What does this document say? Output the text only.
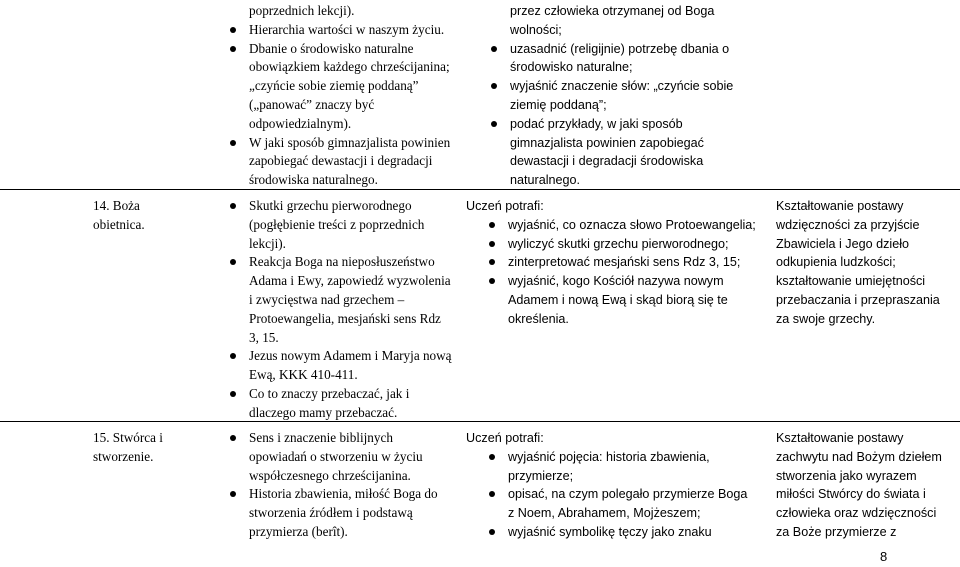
poprzednich lekcji).
Hierarchia wartości w naszym życiu.
Dbanie o środowisko naturalne obowiązkiem każdego chrześcijanina; „czyńcie sobie ziemię poddaną” („panować” znaczy być odpowiedzialnym).
W jaki sposób gimnazjalista powinien zapobiegać dewastacji i degradacji środowiska naturalnego.
przez człowieka otrzymanej od Boga wolności;
uzasadnić (religijnie) potrzebę dbania o środowisko naturalne;
wyjaśnić znaczenie słów: „czyńcie sobie ziemię poddaną”;
podać przykłady, w jaki sposób gimnazjalista powinien zapobiegać dewastacji i degradacji środowiska naturalnego.
14. Boża obietnica.
Skutki grzechu pierworodnego (pogłębienie treści z poprzednich lekcji).
Reakcja Boga na nieposłuszeństwo Adama i Ewy, zapowiedź wyzwolenia i zwycięstwa nad grzechem – Protoewangelia, mesjański sens Rdz 3, 15.
Jezus nowym Adamem i Maryja nową Ewą, KKK 410-411.
Co to znaczy przebaczać, jak i dlaczego mamy przebaczać.
Uczeń potrafi:
wyjaśnić, co oznacza słowo Protoewangelia;
wyliczyć skutki grzechu pierworodnego;
zinterpretować mesjański sens Rdz 3, 15;
wyjaśnić, kogo Kościół nazywa nowym Adamem i nową Ewą i skąd biorą się te określenia.
Kształtowanie postawy wdzięczności za przyjście Zbawiciela i Jego dzieło odkupienia ludzkości; kształtowanie umiejętności przebaczania i przepraszania za swoje grzechy.
15. Stwórca i stworzenie.
Sens i znaczenie biblijnych opowiadań o stworzeniu w życiu współczesnego chrześcijanina.
Historia zbawienia, miłość Boga do stworzenia źródłem i podstawą przymierza (berît).
Uczeń potrafi:
wyjaśnić pojęcia: historia zbawienia, przymierze;
opisać, na czym polegało przymierze Boga z Noem, Abrahamem, Mojżeszem;
wyjaśnić symbolikę tęczy jako znaku
Kształtowanie postawy zachwytu nad Bożym dziełem stworzenia jako wyrazem miłości Stwórcy do świata i człowieka oraz wdzięczności za Boże przymierze z
8
